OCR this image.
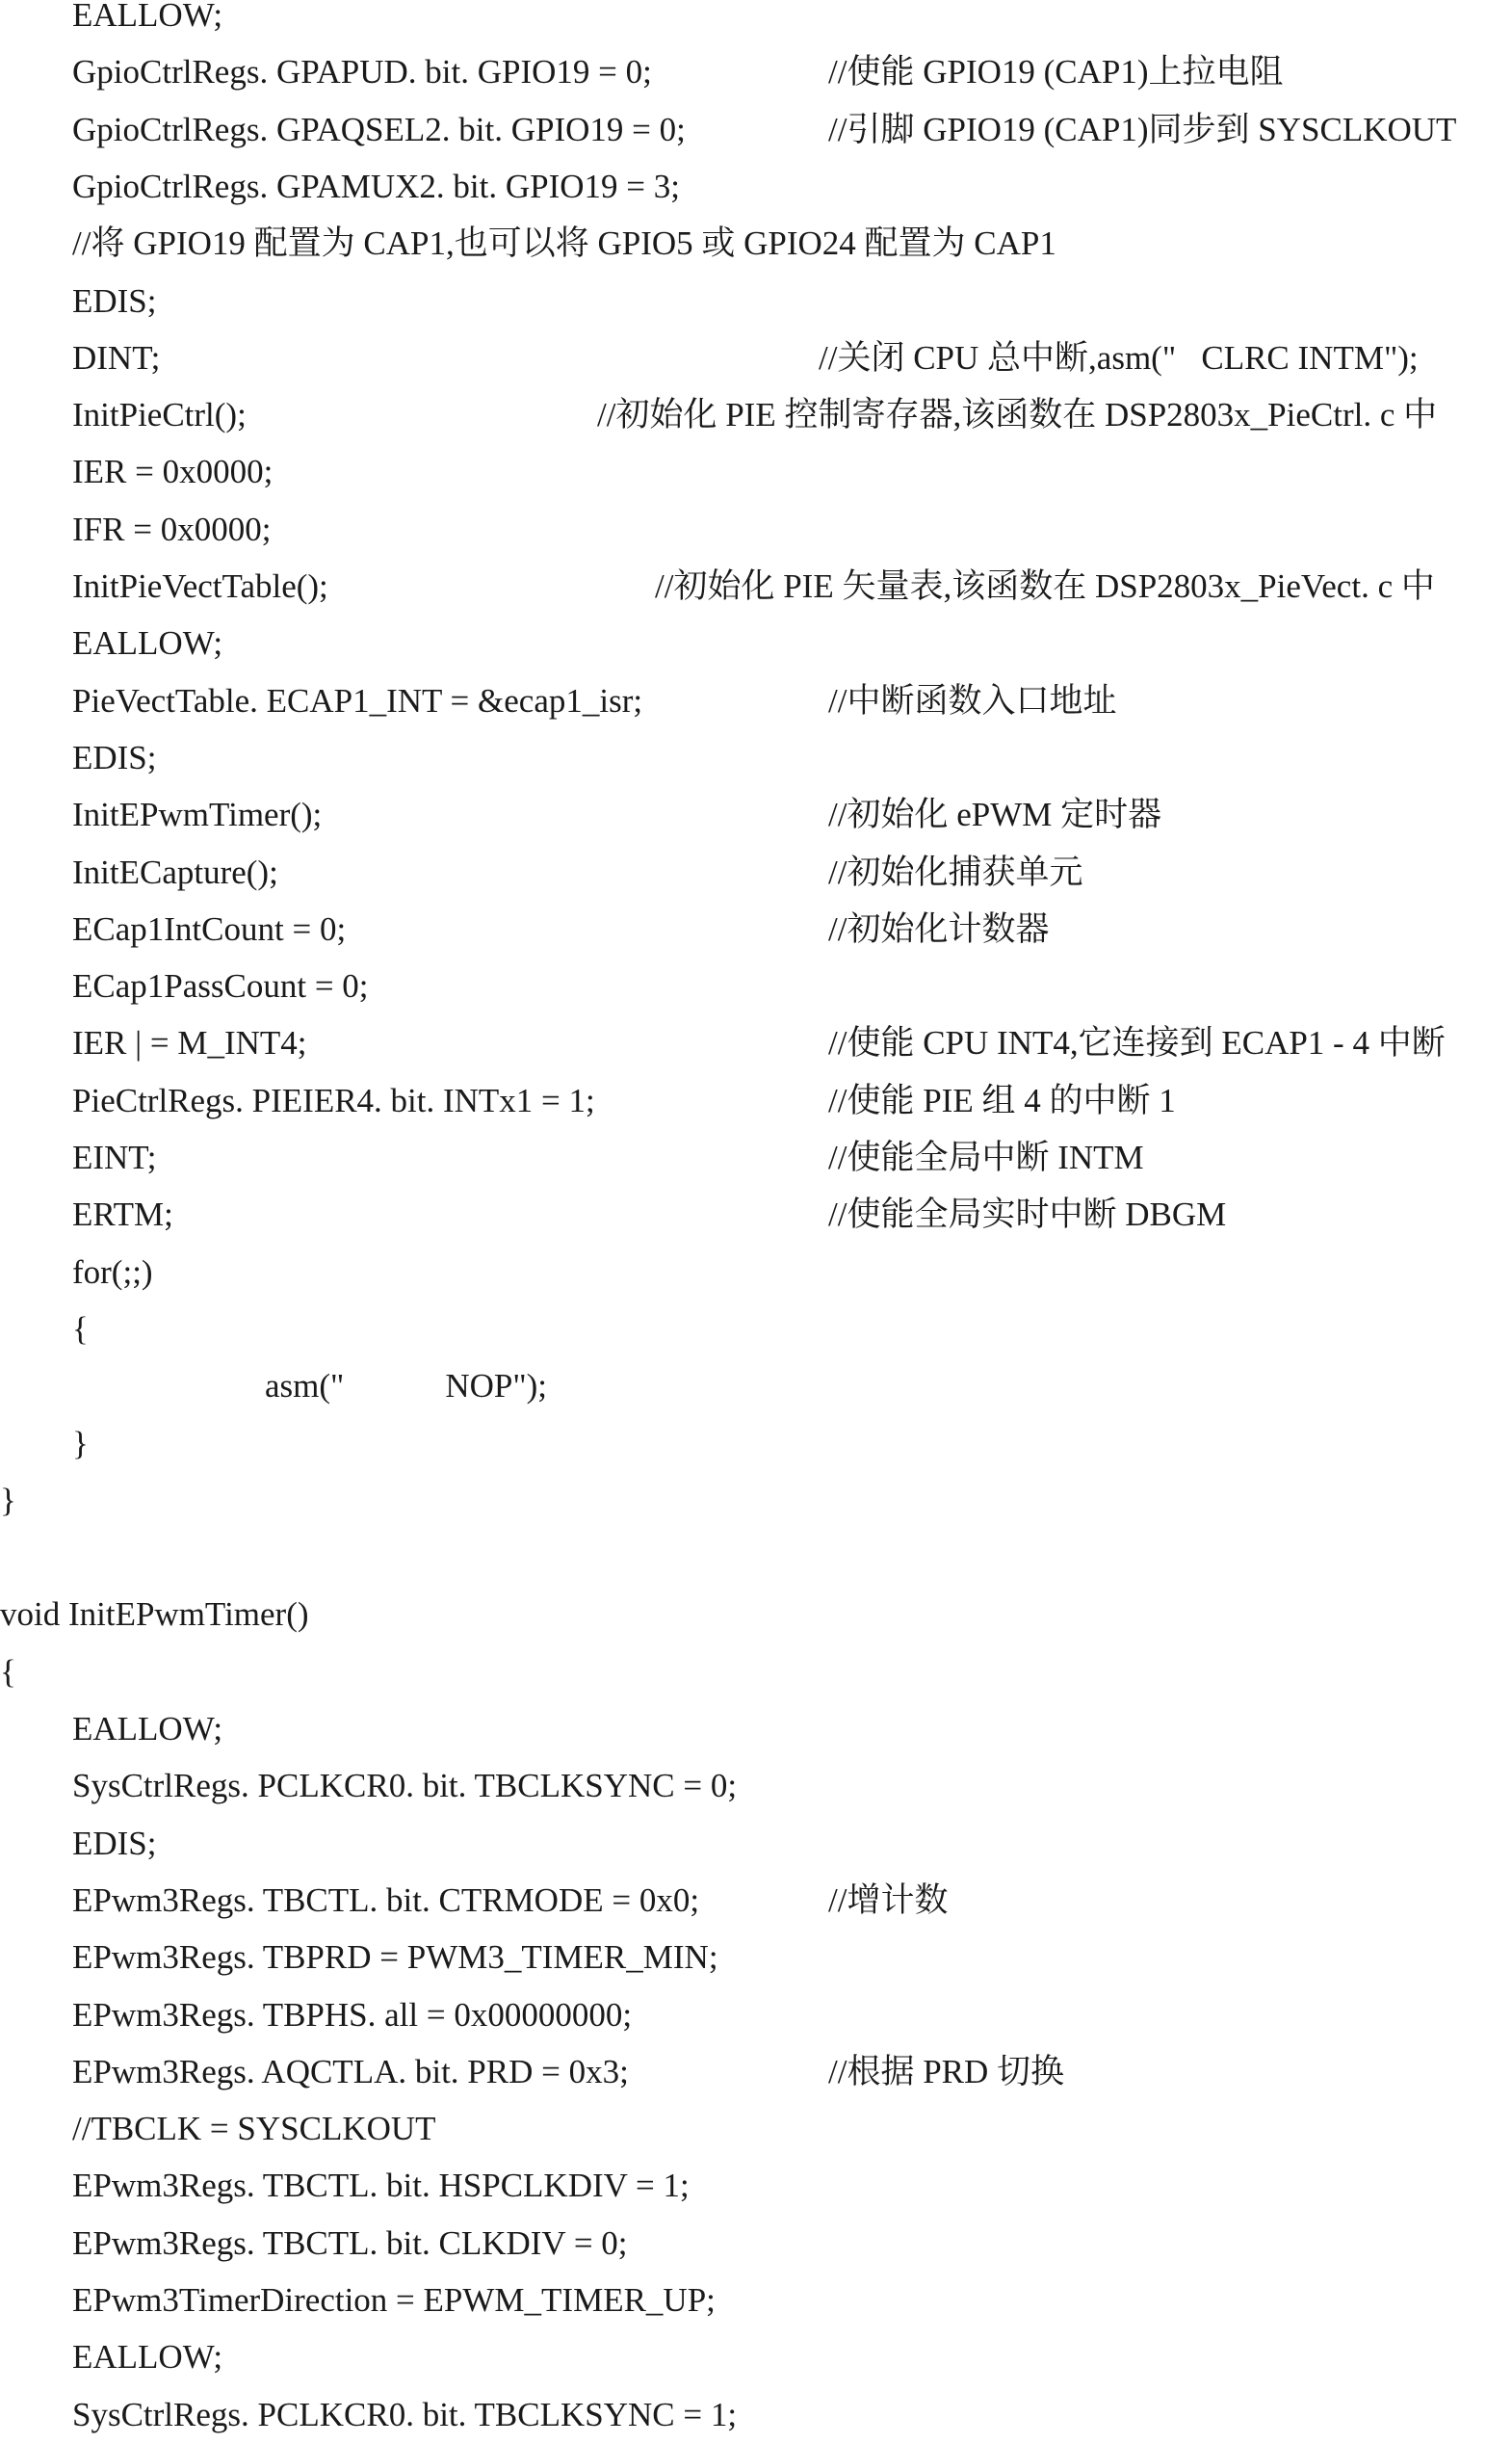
EALLOW;
GpioCtrlRegs. GPAPUD. bit. GPIO19 = 0;	//使能 GPIO19 (CAP1)上拉电阻
GpioCtrlRegs. GPAQSEL2. bit. GPIO19 = 0;	//引脚 GPIO19 (CAP1)同步到 SYSCLKOUT
GpioCtrlRegs. GPAMUX2. bit. GPIO19 = 3;
//将 GPIO19 配置为 CAP1,也可以将 GPIO5 或 GPIO24 配置为 CAP1
EDIS;
DINT;	//关闭 CPU 总中断,asm("   CLRC INTM");
InitPieCtrl();	//初始化 PIE 控制寄存器,该函数在 DSP2803x_PieCtrl. c 中
IER = 0x0000;
IFR = 0x0000;
InitPieVectTable();	//初始化 PIE 矢量表,该函数在 DSP2803x_PieVect. c 中
EALLOW;
PieVectTable. ECAP1_INT = &ecap1_isr;	//中断函数入口地址
EDIS;
InitEPwmTimer();	//初始化 ePWM 定时器
InitECapture();	//初始化捕获单元
ECap1IntCount = 0;	//初始化计数器
ECap1PassCount = 0;
IER | = M_INT4;	//使能 CPU INT4,它连接到 ECAP1 - 4 中断
PieCtrlRegs. PIEIER4. bit. INTx1 = 1;	//使能 PIE 组 4 的中断 1
EINT;	//使能全局中断 INTM
ERTM;	//使能全局实时中断 DBGM
for(;;)
{
asm("            NOP");
}
}
void InitEPwmTimer()
{
EALLOW;
SysCtrlRegs. PCLKCR0. bit. TBCLKSYNC = 0;
EDIS;
EPwm3Regs. TBCTL. bit. CTRMODE = 0x0;	//增计数
EPwm3Regs. TBPRD = PWM3_TIMER_MIN;
EPwm3Regs. TBPHS. all = 0x00000000;
EPwm3Regs. AQCTLA. bit. PRD = 0x3;	//根据 PRD 切换
//TBCLK = SYSCLKOUT
EPwm3Regs. TBCTL. bit. HSPCLKDIV = 1;
EPwm3Regs. TBCTL. bit. CLKDIV = 0;
EPwm3TimerDirection = EPWM_TIMER_UP;
EALLOW;
SysCtrlRegs. PCLKCR0. bit. TBCLKSYNC = 1;
